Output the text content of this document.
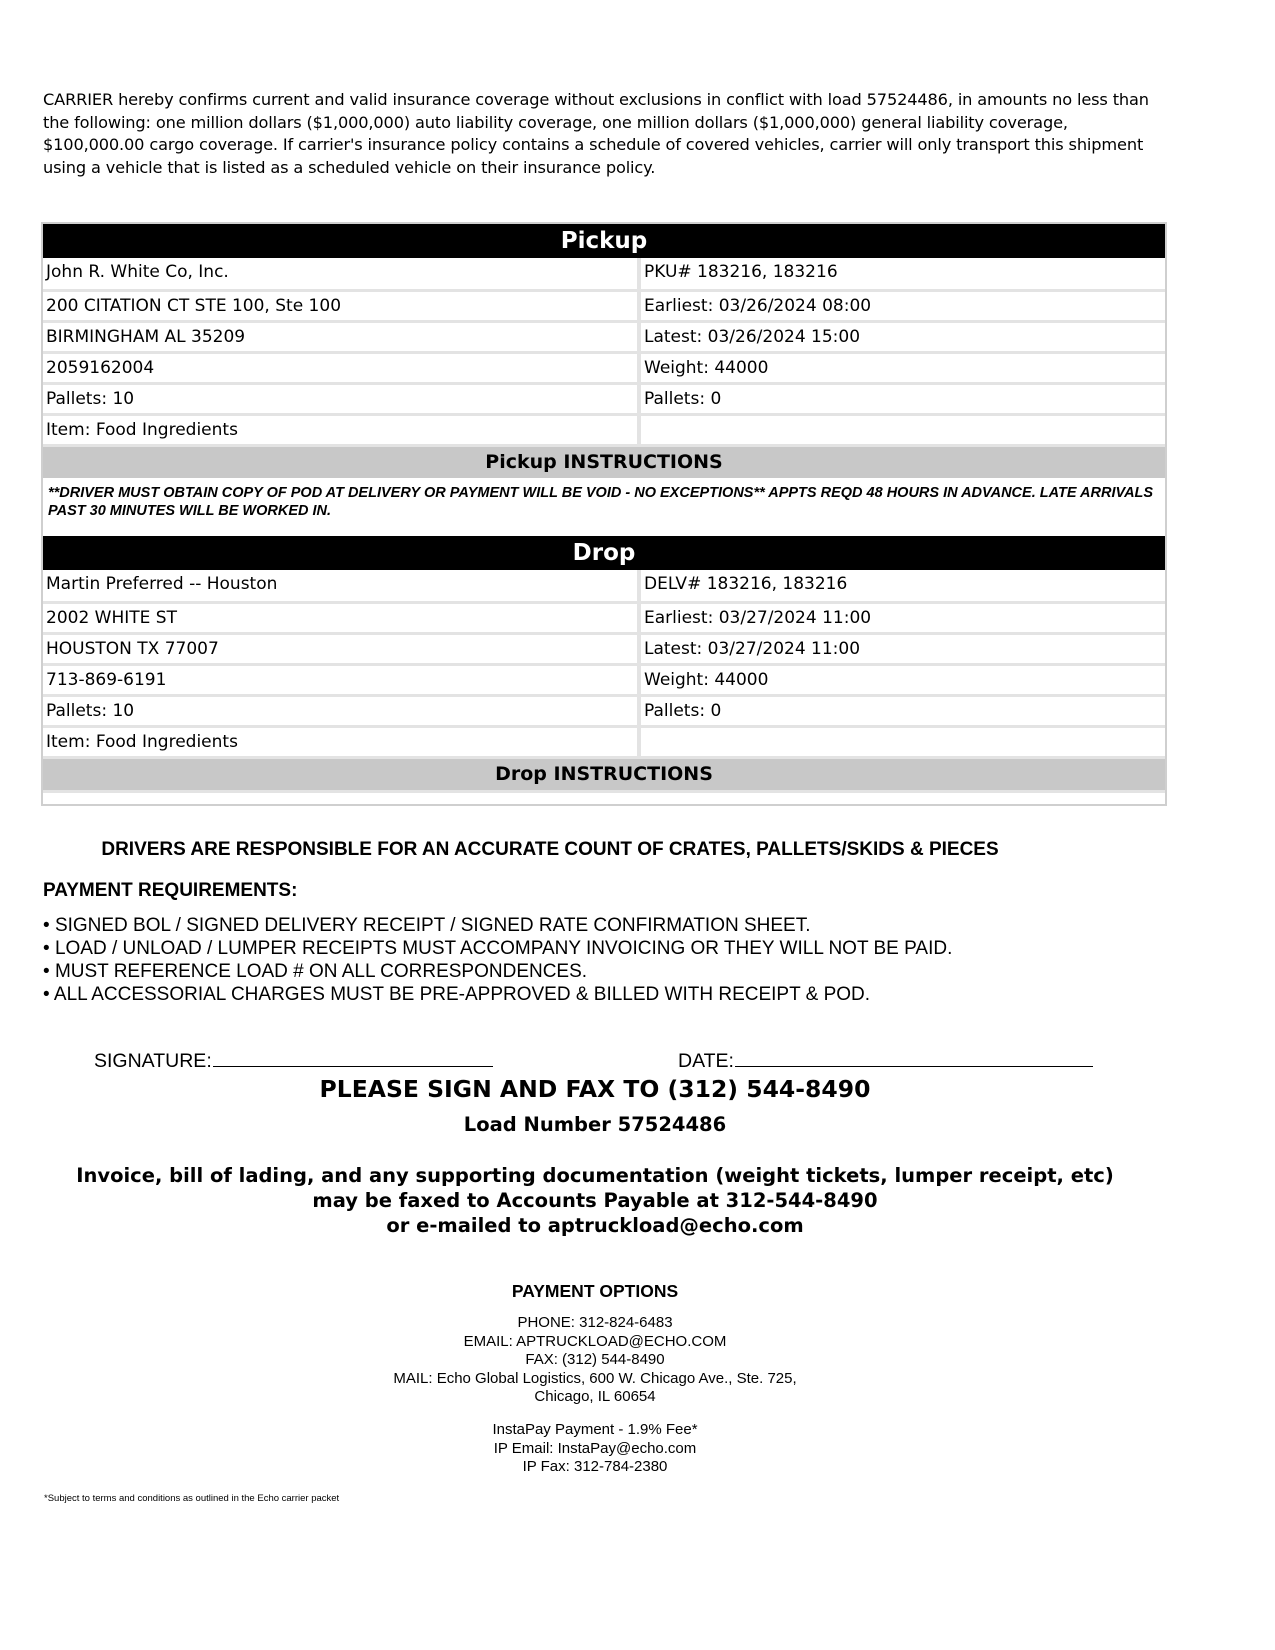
CARRIER hereby confirms current and valid insurance coverage without exclusions in conflict with load 57524486, in amounts no less than the following: one million dollars ($1,000,000) auto liability coverage, one million dollars ($1,000,000) general liability coverage, $100,000.00 cargo coverage. If carrier's insurance policy contains a schedule of covered vehicles, carrier will only transport this shipment using a vehicle that is listed as a scheduled vehicle on their insurance policy.
Pickup
John R. White Co, Inc.	PKU# 183216, 183216
200 CITATION CT STE 100, Ste 100	Earliest: 03/26/2024 08:00
BIRMINGHAM AL 35209	Latest: 03/26/2024 15:00
2059162004	Weight: 44000
Pallets: 10	Pallets: 0
Item: Food Ingredients
Pickup INSTRUCTIONS
**DRIVER MUST OBTAIN COPY OF POD AT DELIVERY OR PAYMENT WILL BE VOID - NO EXCEPTIONS** APPTS REQD 48 HOURS IN ADVANCE. LATE ARRIVALS PAST 30 MINUTES WILL BE WORKED IN.
Drop
Martin Preferred -- Houston	DELV# 183216, 183216
2002 WHITE ST	Earliest: 03/27/2024 11:00
HOUSTON TX 77007	Latest: 03/27/2024 11:00
713-869-6191	Weight: 44000
Pallets: 10	Pallets: 0
Item: Food Ingredients
Drop INSTRUCTIONS
DRIVERS ARE RESPONSIBLE FOR AN ACCURATE COUNT OF CRATES, PALLETS/SKIDS & PIECES
PAYMENT REQUIREMENTS:
• SIGNED BOL / SIGNED DELIVERY RECEIPT / SIGNED RATE CONFIRMATION SHEET.
• LOAD / UNLOAD / LUMPER RECEIPTS MUST ACCOMPANY INVOICING OR THEY WILL NOT BE PAID.
• MUST REFERENCE LOAD # ON ALL CORRESPONDENCES.
• ALL ACCESSORIAL CHARGES MUST BE PRE-APPROVED & BILLED WITH RECEIPT & POD.
SIGNATURE:	DATE:
PLEASE SIGN AND FAX TO (312) 544-8490
Load Number 57524486
Invoice, bill of lading, and any supporting documentation (weight tickets, lumper receipt, etc)
may be faxed to Accounts Payable at 312-544-8490
or e-mailed to aptruckload@echo.com
PAYMENT OPTIONS
PHONE: 312-824-6483
EMAIL: APTRUCKLOAD@ECHO.COM
FAX: (312) 544-8490
MAIL: Echo Global Logistics, 600 W. Chicago Ave., Ste. 725,
Chicago, IL 60654
InstaPay Payment - 1.9% Fee*
IP Email: InstaPay@echo.com
IP Fax: 312-784-2380
*Subject to terms and conditions as outlined in the Echo carrier packet
